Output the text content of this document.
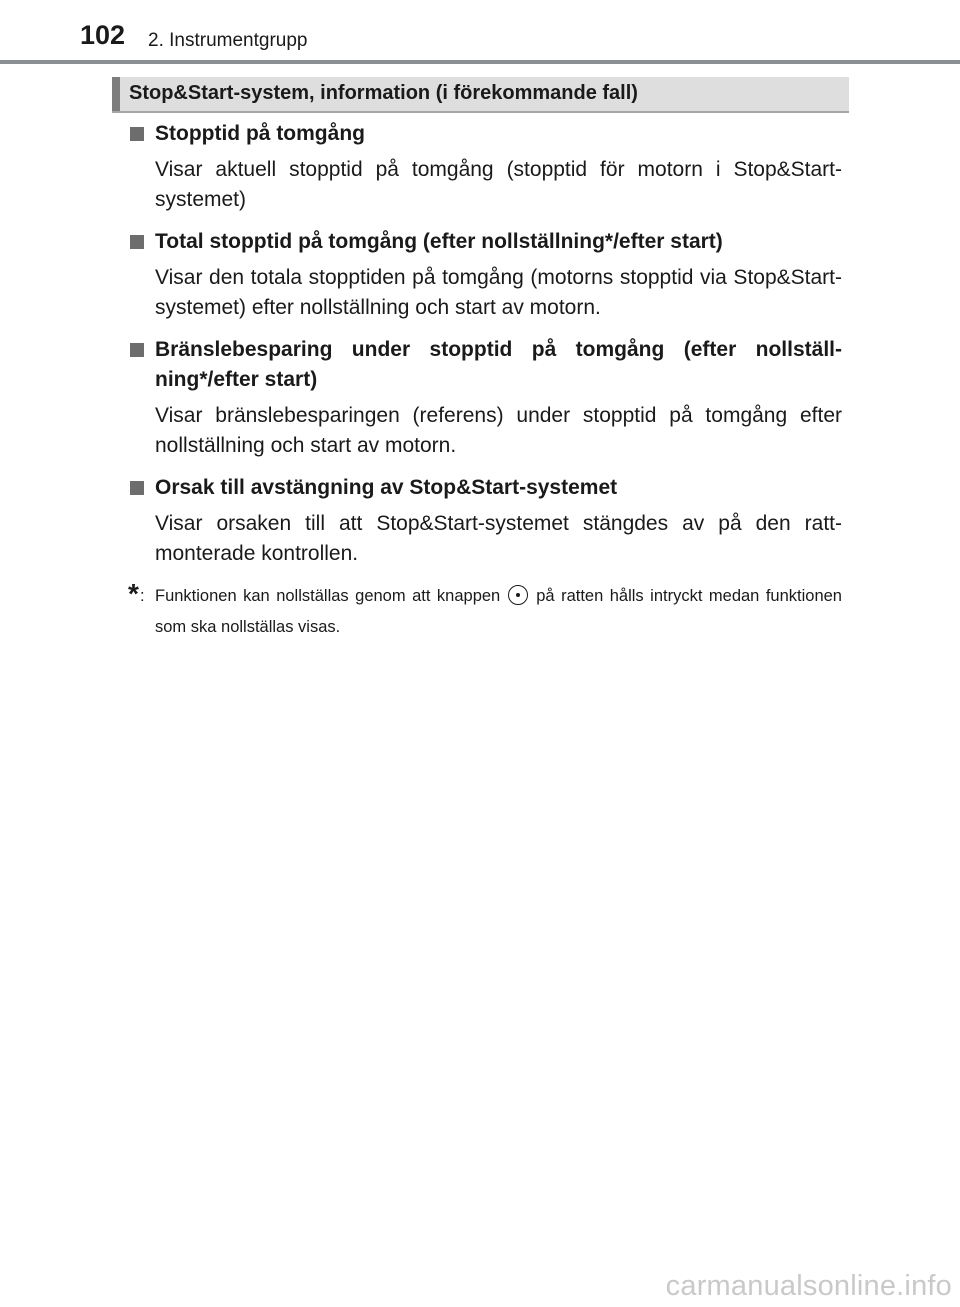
102 2. Instrumentgrupp
Stop&Start-system, information (i förekommande fall)
Stopptid på tomgång
Visar aktuell stopptid på tomgång (stopptid för motorn i Stop&Start-systemet)
Total stopptid på tomgång (efter nollställning*/efter start)
Visar den totala stopptiden på tomgång (motorns stopptid via Stop&Start-systemet) efter nollställning och start av motorn.
Bränslebesparing under stopptid på tomgång (efter nollställ-ning*/efter start)
Visar bränslebesparingen (referens) under stopptid på tomgång efter nollställning och start av motorn.
Orsak till avstängning av Stop&Start-systemet
Visar orsaken till att Stop&Start-systemet stängdes av på den ratt-monterade kontrollen.
* : Funktionen kan nollställas genom att knappen på ratten hålls intryckt medan funktionen som ska nollställas visas.
carmanualsonline.info
